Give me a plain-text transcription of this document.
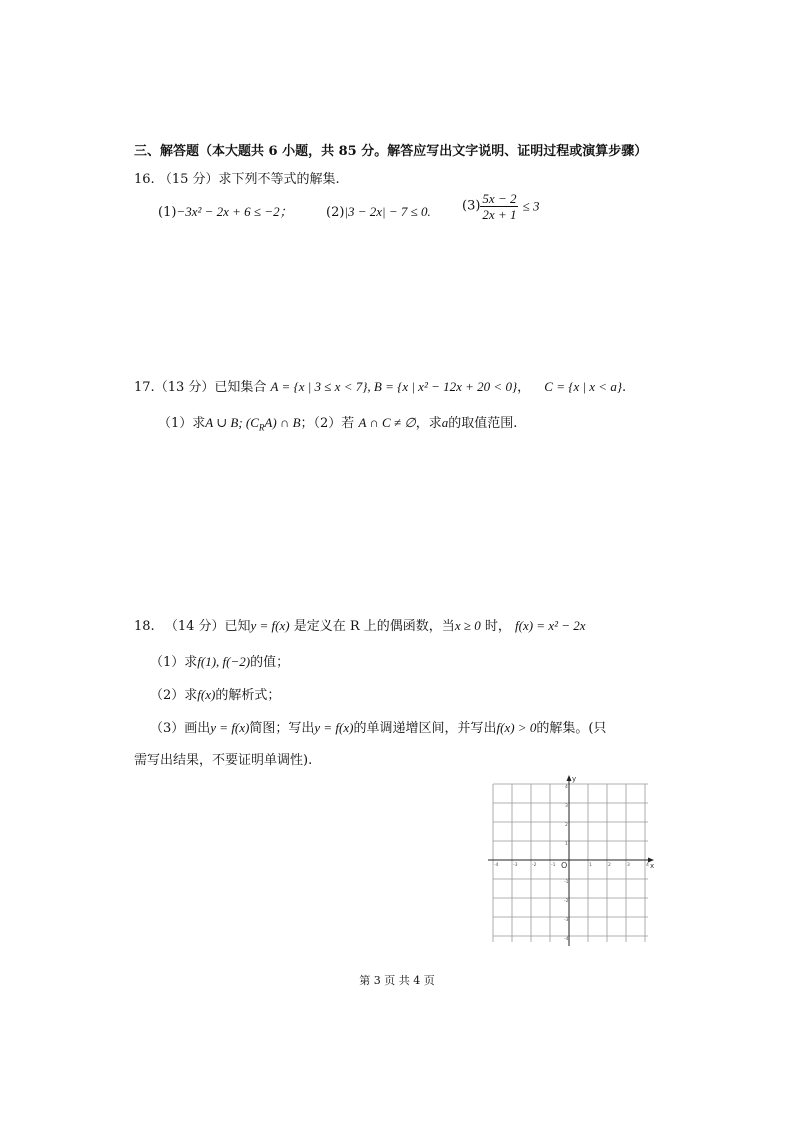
三、解答题（本大题共 6 小题，共 85 分。解答应写出文字说明、证明过程或演算步骤）
16. （15 分）求下列不等式的解集.
(1)−3x² − 2x + 6 ≤ −2；	(2)|3 − 2x| − 7 ≤ 0. $(3) \frac{5x - 2}{2x + 1} \le 3$
17.（13 分）已知集合 A = {x | 3 ≤ x < 7}, B = {x | x² − 12x + 20 < 0}， C = {x | x < a}.
（1）求A ∪ B; $(C_RA)$ ∩ B；（2）若 A ∩ C ≠ ∅，求a的取值范围.
18. （14 分）已知y = f(x) 是定义在 R 上的偶函数，当x ≥ 0 时， f(x) = x² − 2x
（1）求f(1), f(−2)的值；
（2）求f(x)的解析式；
（3）画出y = f(x)简图；写出y = f(x)的单调递增区间，并写出f(x) > 0的解集。(只
需写出结果，不要证明单调性).
x
y
O
-4	-3	-2	-1	1	2	3	4
4
3
2
1
-1
-2
-3
-4
第 3 页 共 4 页
